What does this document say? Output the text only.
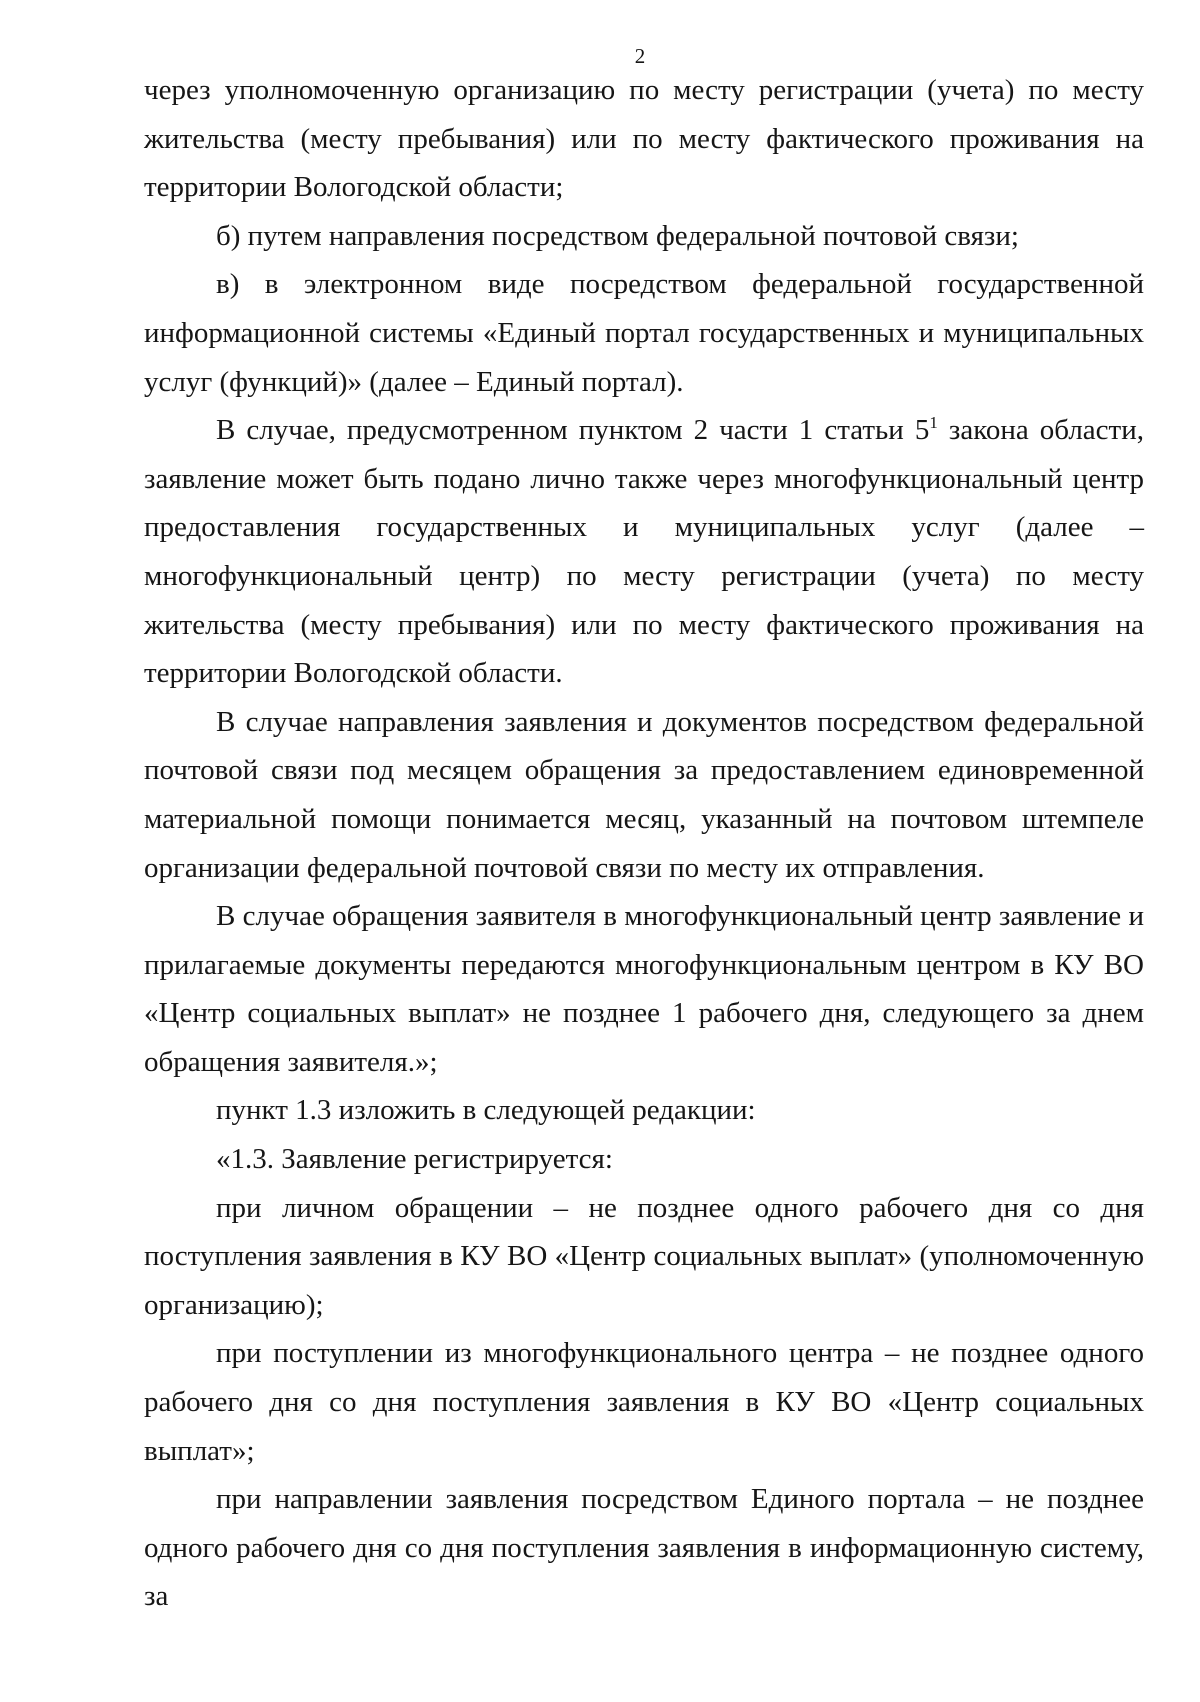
2

через уполномоченную организацию по месту регистрации (учета) по месту жительства (месту пребывания) или по месту фактического проживания на территории Вологодской области;

б) путем направления посредством федеральной почтовой связи;

в) в электронном виде посредством федеральной государственной информационной системы «Единый портал государственных и муниципальных услуг (функций)» (далее – Единый портал).

В случае, предусмотренном пунктом 2 части 1 статьи $5^1$ закона области, заявление может быть подано лично также через многофункциональный центр предоставления государственных и муниципальных услуг (далее – многофункциональный центр) по месту регистрации (учета) по месту жительства (месту пребывания) или по месту фактического проживания на территории Вологодской области.

В случае направления заявления и документов посредством федеральной почтовой связи под месяцем обращения за предоставлением единовременной материальной помощи понимается месяц, указанный на почтовом штемпеле организации федеральной почтовой связи по месту их отправления.

В случае обращения заявителя в многофункциональный центр заявление и прилагаемые документы передаются многофункциональным центром в КУ ВО «Центр социальных выплат» не позднее 1 рабочего дня, следующего за днем обращения заявителя.»;

пункт 1.3 изложить в следующей редакции:

«1.3. Заявление регистрируется:

при личном обращении – не позднее одного рабочего дня со дня поступления заявления в КУ ВО «Центр социальных выплат» (уполномоченную организацию);

при поступлении из многофункционального центра – не позднее одного рабочего дня со дня поступления заявления в КУ ВО «Центр социальных выплат»;

при направлении заявления посредством Единого портала – не позднее одного рабочего дня со дня поступления заявления в информационную систему, за
